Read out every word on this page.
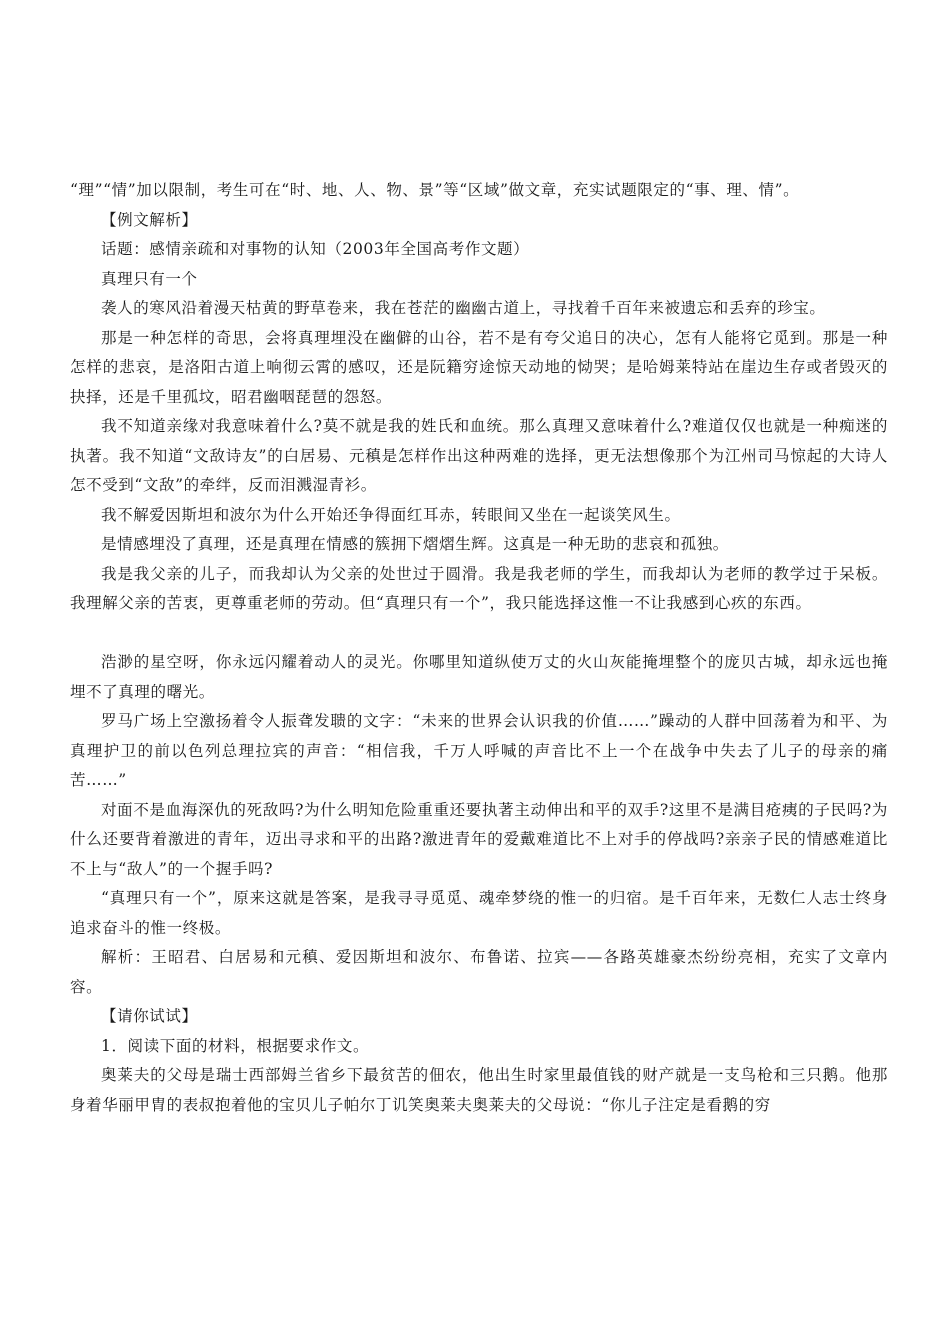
“理”“情”加以限制，考生可在“时、地、人、物、景”等“区域”做文章，充实试题限定的“事、理、情”。

【例文解析】

话题：感情亲疏和对事物的认知（2003年全国高考作文题）

真理只有一个

袭人的寒风沿着漫天枯黄的野草卷来，我在苍茫的幽幽古道上，寻找着千百年来被遗忘和丢弃的珍宝。

那是一种怎样的奇思，会将真理埋没在幽僻的山谷，若不是有夸父追日的决心，怎有人能将它觅到。那是一种怎样的悲哀，是洛阳古道上响彻云霄的感叹，还是阮籍穷途惊天动地的恸哭；是哈姆莱特站在崖边生存或者毁灭的抉择，还是千里孤坟，昭君幽咽琵琶的怨怒。

我不知道亲缘对我意味着什么?莫不就是我的姓氏和血统。那么真理又意味着什么?难道仅仅也就是一种痴迷的执著。我不知道“文敌诗友”的白居易、元稹是怎样作出这种两难的选择，更无法想像那个为江州司马惊起的大诗人怎不受到“文敌”的牵绊，反而泪溅湿青衫。

我不解爱因斯坦和波尔为什么开始还争得面红耳赤，转眼间又坐在一起谈笑风生。

是情感埋没了真理，还是真理在情感的簇拥下熠熠生辉。这真是一种无助的悲哀和孤独。

我是我父亲的儿子，而我却认为父亲的处世过于圆滑。我是我老师的学生，而我却认为老师的教学过于呆板。我理解父亲的苦衷，更尊重老师的劳动。但“真理只有一个”，我只能选择这惟一不让我感到心疚的东西。

浩渺的星空呀，你永远闪耀着动人的灵光。你哪里知道纵使万丈的火山灰能掩埋整个的庞贝古城，却永远也掩埋不了真理的曙光。

罗马广场上空激扬着令人振聋发聩的文字：“未来的世界会认识我的价值……”躁动的人群中回荡着为和平、为真理护卫的前以色列总理拉宾的声音：“相信我，千万人呼喊的声音比不上一个在战争中失去了儿子的母亲的痛苦……”

对面不是血海深仇的死敌吗?为什么明知危险重重还要执著主动伸出和平的双手?这里不是满目疮痍的子民吗?为什么还要背着激进的青年，迈出寻求和平的出路?激进青年的爱戴难道比不上对手的停战吗?亲亲子民的情感难道比不上与“敌人”的一个握手吗?

“真理只有一个”，原来这就是答案，是我寻寻觅觅、魂牵梦绕的惟一的归宿。是千百年来，无数仁人志士终身追求奋斗的惟一终极。

解析：王昭君、白居易和元稹、爱因斯坦和波尔、布鲁诺、拉宾——各路英雄豪杰纷纷亮相，充实了文章内容。

【请你试试】

1．阅读下面的材料，根据要求作文。

奥莱夫的父母是瑞士西部姆兰省乡下最贫苦的佃农，他出生时家里最值钱的财产就是一支鸟枪和三只鹅。他那身着华丽甲胄的表叔抱着他的宝贝儿子帕尔丁讥笑奥莱夫奥莱夫的父母说：“你儿子注定是看鹅的穷
